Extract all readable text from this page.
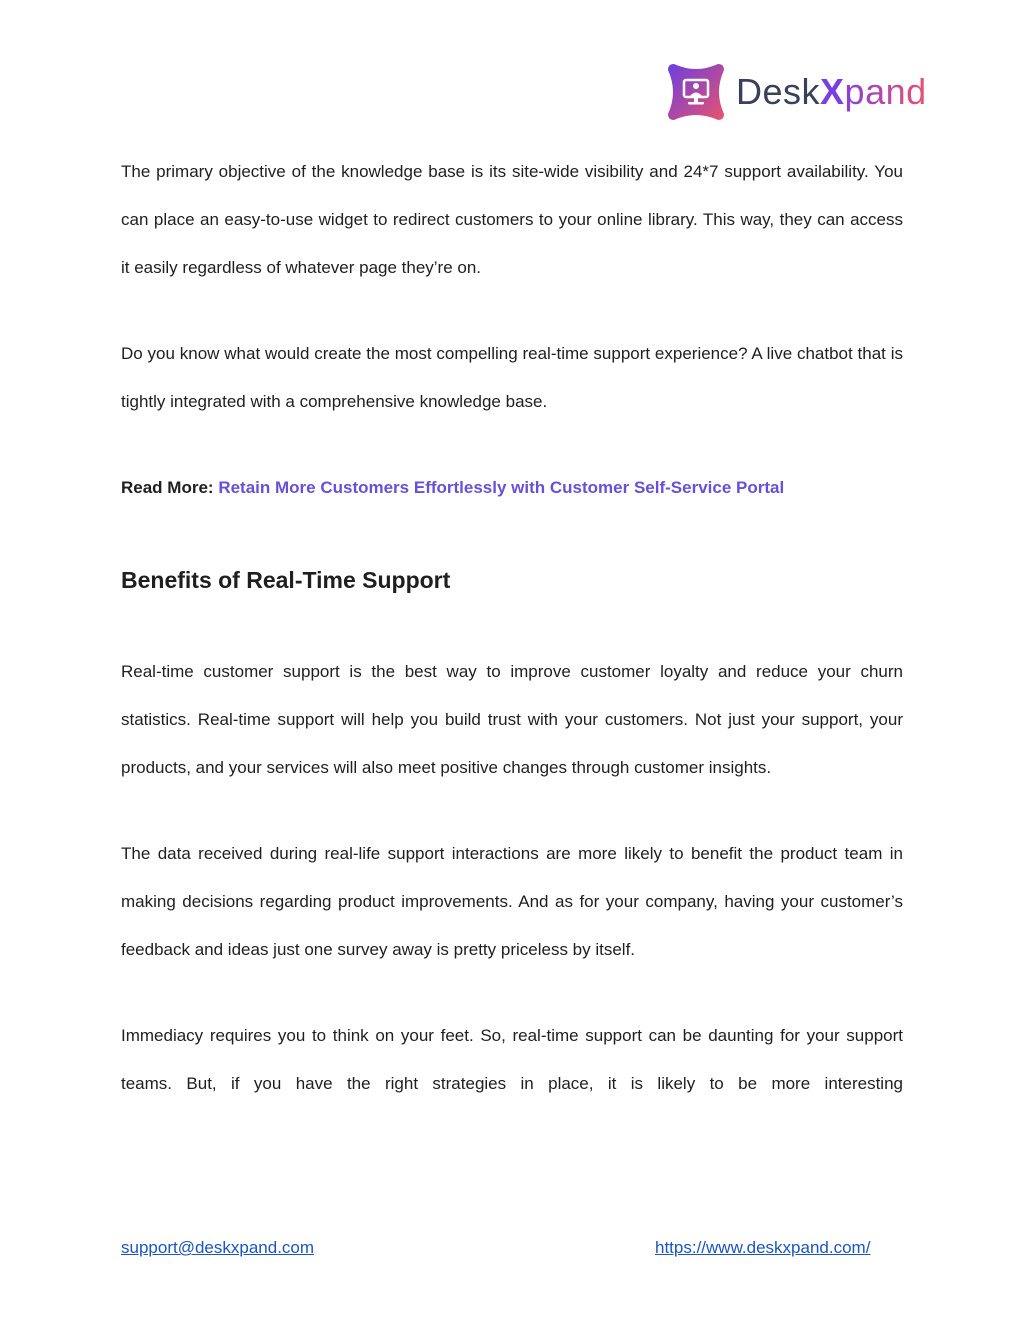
DeskXpand

The primary objective of the knowledge base is its site-wide visibility and 24*7 support availability. You can place an easy-to-use widget to redirect customers to your online library. This way, they can access it easily regardless of whatever page they’re on.

Do you know what would create the most compelling real-time support experience? A live chatbot that is tightly integrated with a comprehensive knowledge base.

Read More: Retain More Customers Effortlessly with Customer Self-Service Portal

Benefits of Real-Time Support

Real-time customer support is the best way to improve customer loyalty and reduce your churn statistics. Real-time support will help you build trust with your customers. Not just your support, your products, and your services will also meet positive changes through customer insights.

The data received during real-life support interactions are more likely to benefit the product team in making decisions regarding product improvements. And as for your company, having your customer’s feedback and ideas just one survey away is pretty priceless by itself.

Immediacy requires you to think on your feet. So, real-time support can be daunting for your support teams. But, if you have the right strategies in place, it is likely to be more interesting

support@deskxpand.com	https://www.deskxpand.com/
